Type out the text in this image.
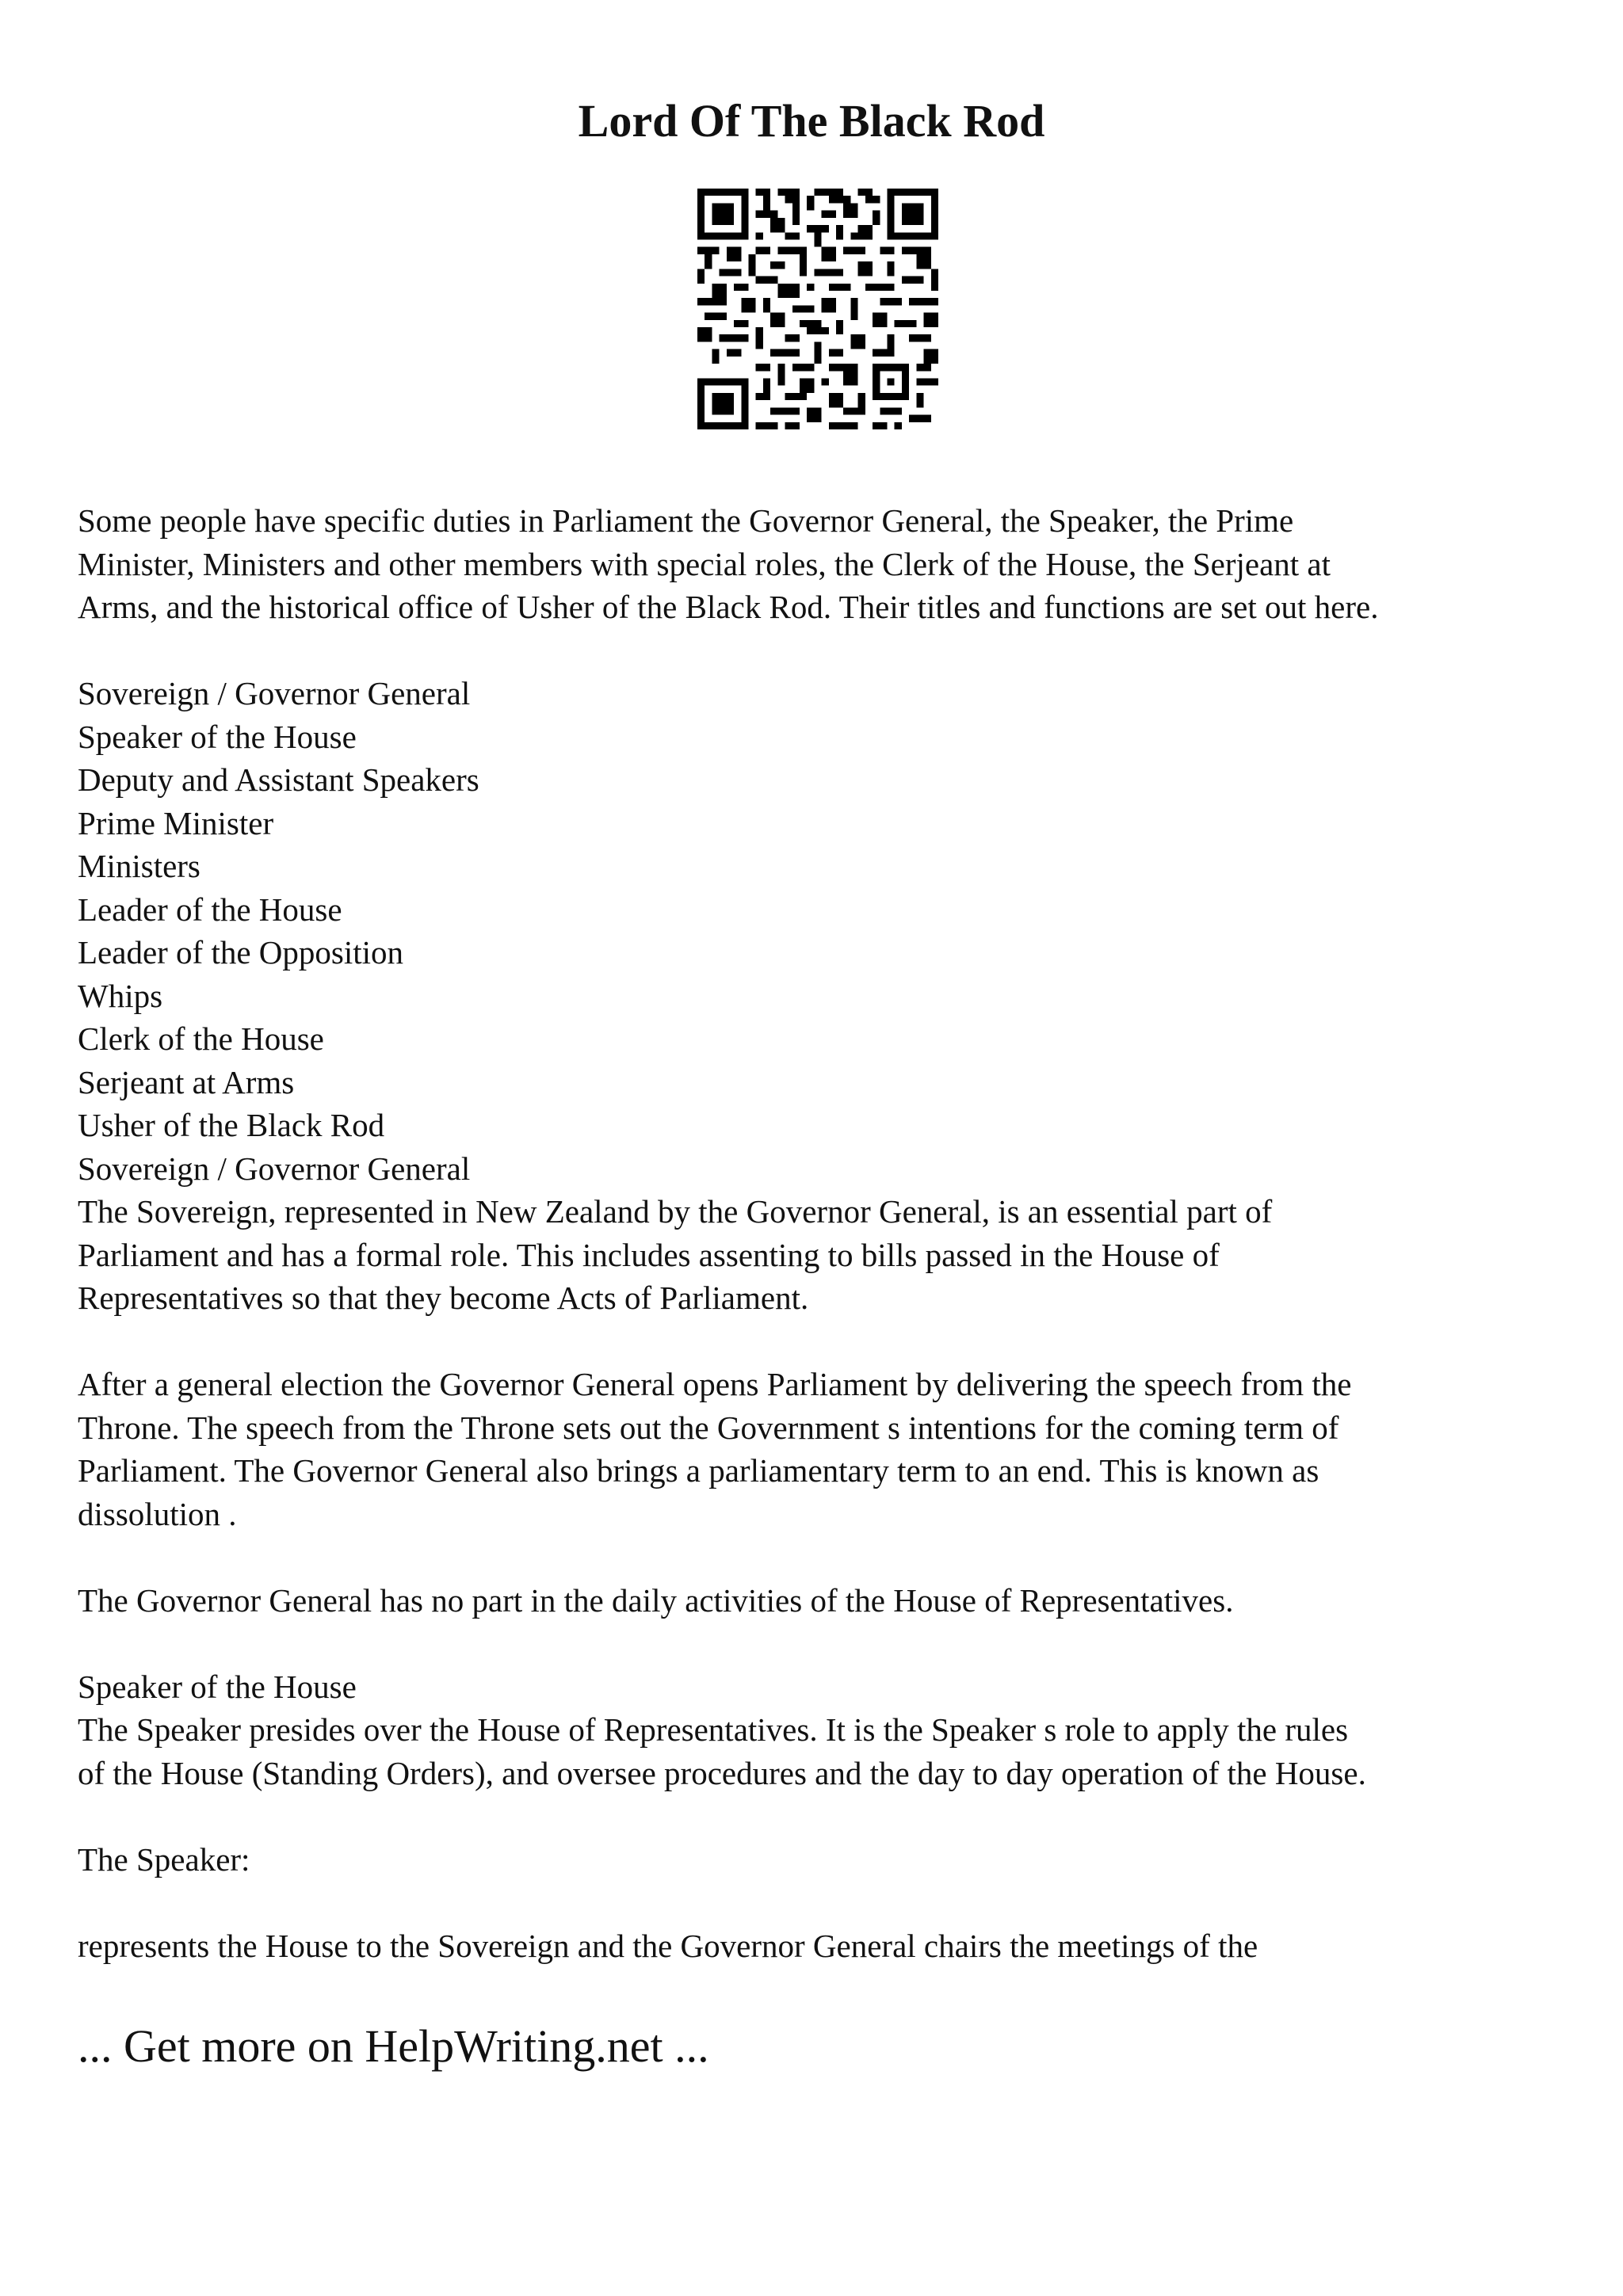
Lord Of The Black Rod

Some people have specific duties in Parliament the Governor General, the Speaker, the Prime

Minister, Ministers and other members with special roles, the Clerk of the House, the Serjeant at

Arms, and the historical office of Usher of the Black Rod. Their titles and functions are set out here.

Sovereign / Governor General

Speaker of the House

Deputy and Assistant Speakers

Prime Minister

Ministers

Leader of the House

Leader of the Opposition

Whips

Clerk of the House

Serjeant at Arms

Usher of the Black Rod

Sovereign / Governor General

The Sovereign, represented in New Zealand by the Governor General, is an essential part of

Parliament and has a formal role. This includes assenting to bills passed in the House of

Representatives so that they become Acts of Parliament.

After a general election the Governor General opens Parliament by delivering the speech from the

Throne. The speech from the Throne sets out the Government s intentions for the coming term of

Parliament. The Governor General also brings a parliamentary term to an end. This is known as

dissolution .

The Governor General has no part in the daily activities of the House of Representatives.

Speaker of the House

The Speaker presides over the House of Representatives. It is the Speaker s role to apply the rules

of the House (Standing Orders), and oversee procedures and the day to day operation of the House.

The Speaker:

represents the House to the Sovereign and the Governor General chairs the meetings of the

... Get more on HelpWriting.net ...
